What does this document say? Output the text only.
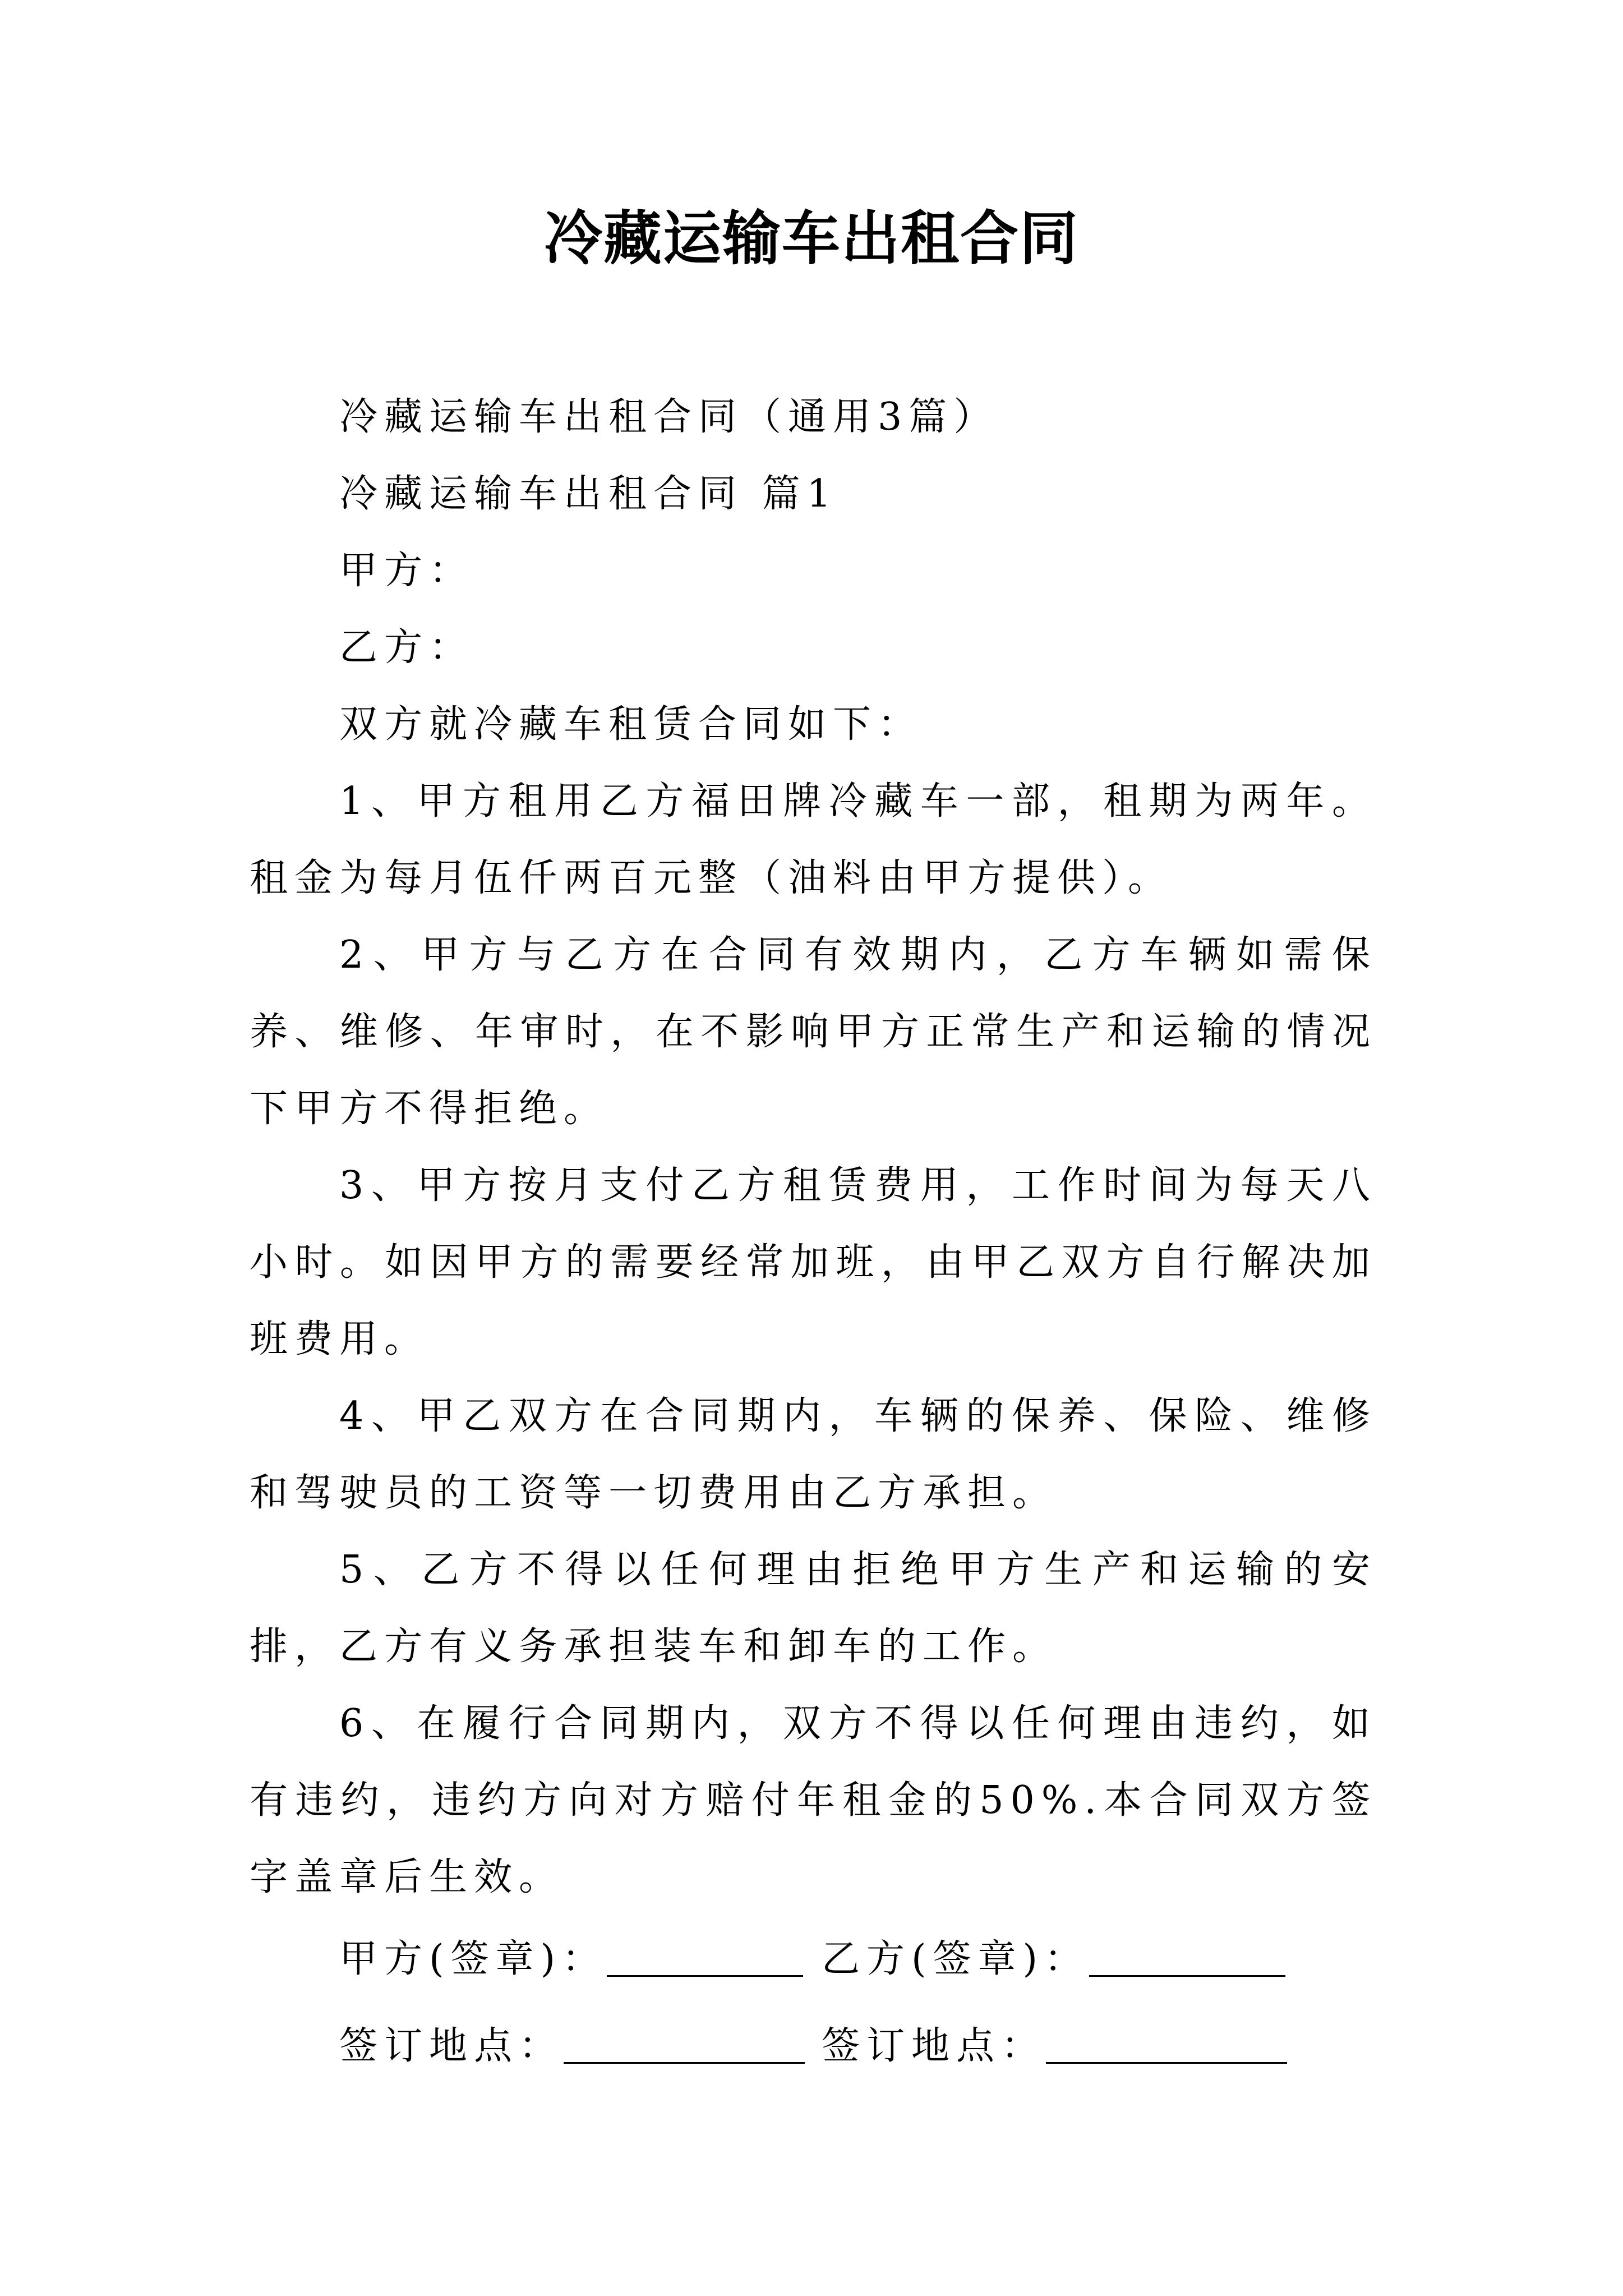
冷藏运输车出租合同

冷藏运输车出租合同（通用3篇）

冷藏运输车出租合同 篇1

甲方：

乙方：

双方就冷藏车租赁合同如下：

1、甲方租用乙方福田牌冷藏车一部，租期为两年。租金为每月伍仟两百元整（油料由甲方提供）。

2、甲方与乙方在合同有效期内，乙方车辆如需保养、维修、年审时，在不影响甲方正常生产和运输的情况下甲方不得拒绝。

3、甲方按月支付乙方租赁费用，工作时间为每天八小时。如因甲方的需要经常加班，由甲乙双方自行解决加班费用。

4、甲乙双方在合同期内，车辆的保养、保险、维修和驾驶员的工资等一切费用由乙方承担。

5、乙方不得以任何理由拒绝甲方生产和运输的安排，乙方有义务承担装车和卸车的工作。

6、在履行合同期内，双方不得以任何理由违约，如有违约，违约方向对方赔付年租金的50%.本合同双方签字盖章后生效。

甲方(签章)：	乙方(签章)：
签订地点：	签订地点：
